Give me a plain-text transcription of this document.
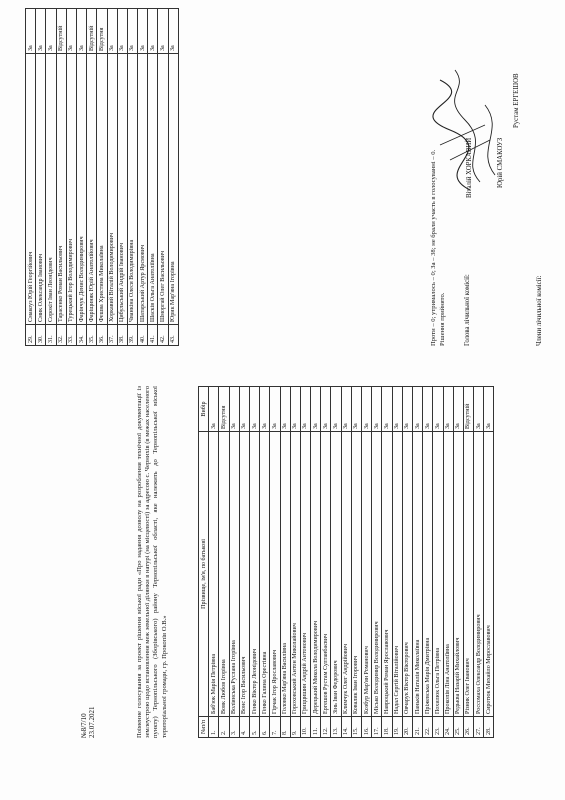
№8/7/10 23.07.2021	Поіменне голосування за проект рішення міської ради «Про надання дозволу на розроблення технічної документації із землеустрою щодо встановлення меж земельної ділянки в натурі (на місцевості) за адресою с. Чернихів (в межах населеного пункту) Тернопільського (Зборівського) району Тернопільської області, яке належить до Тернопільської міської територіальної громади, гр. Прокопів О.В.»	№п/п	Прізвище, ім'я, по батькові	Вибір
1.	Баб'юк Марія Петрівна	За
2.	Вовк Любов Ігорівна	Відсутня
3.	Воліянська Руслана Ігорівна	За
4.	Вонс Ігор Васильович	За
5.	Генко Віктор Леонідович	За
6.	Генко Галина Орестівна	За
7.	Гірчак Ігор Ярославович	За
8.	Головко Мар'яна Василівна	За
9.	Гороховський Антон Миколайович	За
10.	Гриццишин Андрій Антонович	За
11.	Дерецький Микола Володимирович	За
12.	Ергешов Рустам Султанбаєвич	За
13.	Зінь Іван Федорович	За
14.	Климчук Олег Андрійович	За
15.	Ковалик Іван Ігорович	За
16.	Козбур Мар'ян Романович	За
17.	Місько Володимир Володимирович	За
18.	Навроцький Роман Ярославович	За
19.	Надал Сергій Віталійович	За
20.	Овчарук Віктор Вікторович	За
21.	Паньків Наталія Миколаївна	За
22.	Пріжевська Марія Дмитрівна	За
23.	Похилюк Ольга Петрівна	За
24.	Прокопів Ліна Анатоліївна	За
25.	Редьква Назарій Михайлович	За
26.	Різник Олег Іванович	Відсутній
27.	Россомаха Олександр Володимирович	За
28.	Сиротюк Михайло Мирославович	За
29.	Смакоуз Юрій Георгійович	За
30.	Смик Олександр Іванович	За
31.	Сорокіт Іван Леонідович	За
32.	Тарасенко Роман Васильович	Відсутній
33.	Турецький Ігор Володимирович	За
34.	Фарінчук Денис Володимирович	За
35.	Фаріщиняк Юрій Анатолійович	Відсутній
36.	Фешва Христина Миколаївна	Відсутня
37.	Хоркавий Віталій Володимирович	За
38.	Цибульський Андрій Іванович	За
39.	Чванкіна Олеся Володимирівна	За
40.	Шатарський Артур Ярємович	За
41.	Шасків Ольга Анатоліївна	За
42.	Шморгай Олег Васильович	За
43.	Юрик Мар'яна Ігорівна	За
Проти – 0; утрималось – 0; За – 38; не брали участь в голосуванні – 0. Рішення прийнято.	Голова лічильної комісії:	Члени лічильної комісії:
Віталій ХОРКАВИЙ	Юрій СМАКОУЗ
Рустам ЕРГЕШОВ
